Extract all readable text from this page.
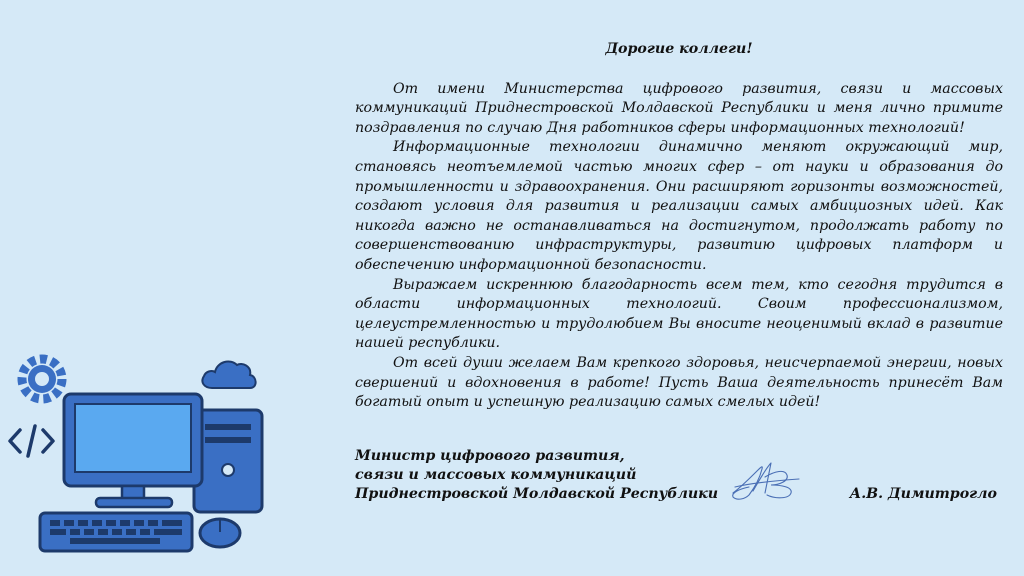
Дорогие коллеги!

От имени Министерства цифрового развития, связи и массовых коммуникаций Приднестровской Молдавской Республики и меня лично примите поздравления по случаю Дня работников сферы информационных технологий!

Информационные технологии динамично меняют окружающий мир, становясь неотъемлемой частью многих сфер – от науки и образования до промышленности и здравоохранения. Они расширяют горизонты возможностей, создают условия для развития и реализации самых амбициозных идей. Как никогда важно не останавливаться на достигнутом, продолжать работу по совершенствованию инфраструктуры, развитию цифровых платформ и обеспечению информационной безопасности.

Выражаем искреннюю благодарность всем тем, кто сегодня трудится в области информационных технологий. Своим профессионализмом, целеустремленностью и трудолюбием Вы вносите неоценимый вклад в развитие нашей республики.

От всей души желаем Вам крепкого здоровья, неисчерпаемой энергии, новых свершений и вдохновения в работе! Пусть Ваша деятельность принесёт Вам богатый опыт и успешную реализацию самых смелых идей!

Министр цифрового развития,
связи и массовых коммуникаций
Приднестровской Молдавской Республики	А.В. Димитрогло
